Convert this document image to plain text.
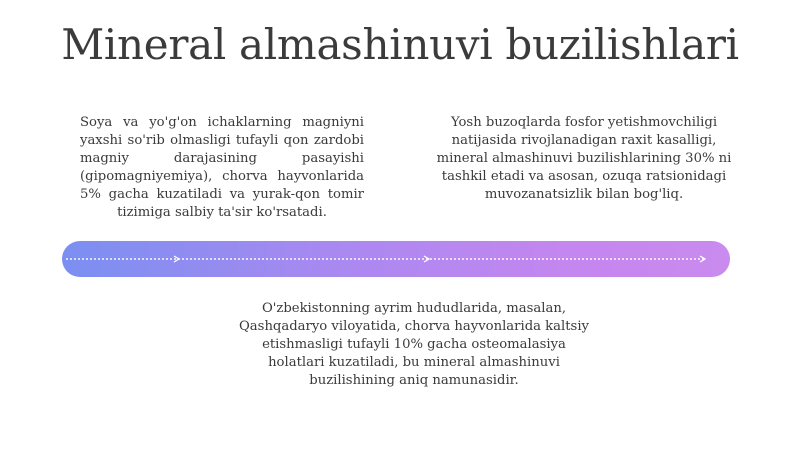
Mineral almashinuvi buzilishlari
Soya va yo'g'on ichaklarning magniyni yaxshi so'rib olmasligi tufayli qon zardobi magniy darajasining pasayishi (gipomagniyemiya), chorva hayvonlarida 5% gacha kuzatiladi va yurak-qon tomir tizimiga salbiy ta'sir ko'rsatadi.
Yosh buzoqlarda fosfor yetishmovchiligi natijasida rivojlanadigan raxit kasalligi, mineral almashinuvi buzilishlarining 30% ni tashkil etadi va asosan, ozuqa ratsionidagi muvozanatsizlik bilan bog'liq.
O'zbekistonning ayrim hududlarida, masalan, Qashqadaryo viloyatida, chorva hayvonlarida kaltsiy etishmasligi tufayli 10% gacha osteomalasiya holatlari kuzatiladi, bu mineral almashinuvi buzilishining aniq namunasidir.
